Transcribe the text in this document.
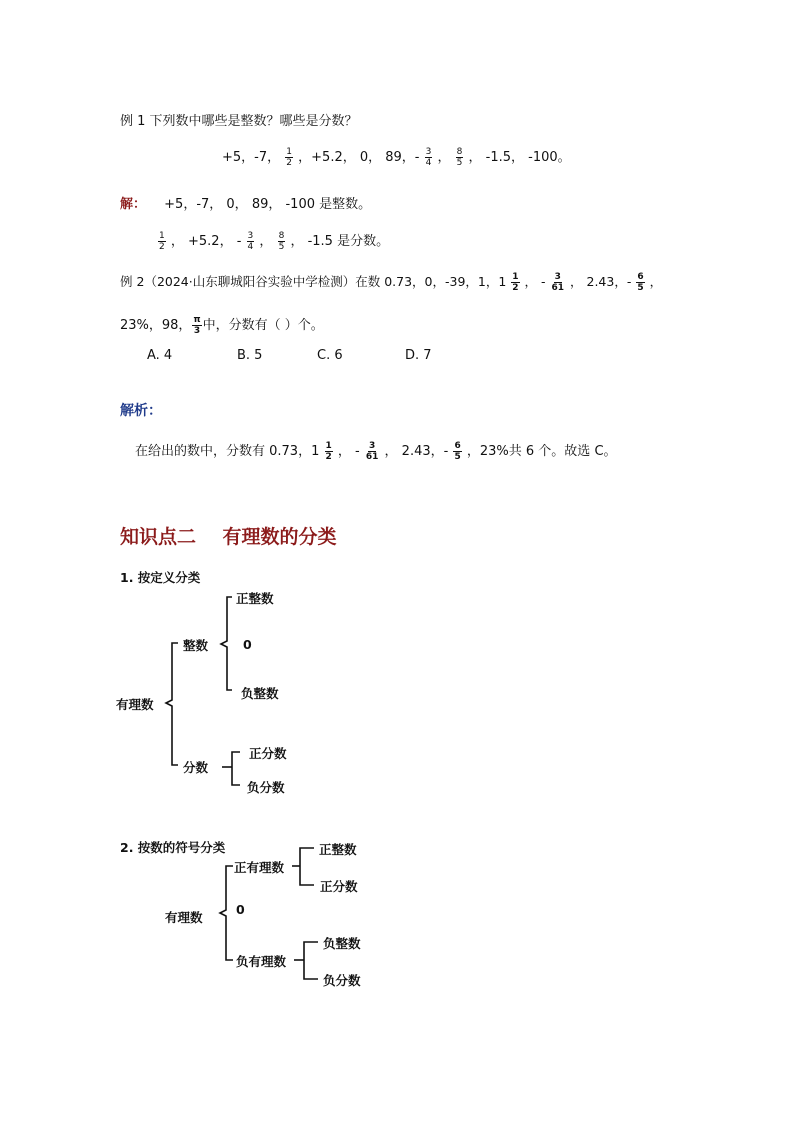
例 1 下列数中哪些是整数？哪些是分数？
+5，-7， $\frac{1}{2}$ ，+5.2， 0， 89，- $\frac{3}{4}$ ， $\frac{8}{5}$ ， -1.5， -100。
解： +5，-7， 0， 89， -100 是整数。
$\frac{1}{2}$ ， +5.2， - $\frac{3}{4}$ ， $\frac{8}{5}$ ， -1.5 是分数。
例 2（2024·山东聊城阳谷实验中学检测）在数 0.73，0，-39，1，$1 \frac{1}{2}$ ， - $\frac{3}{61}$ ， 2.43，- $\frac{6}{5}$ ，
23%，98， $\frac{\pi}{3}$ 中，分数有（ ）个。
A. 4	B. 5	C. 6	D. 7
解析：
在给出的数中，分数有 0.73，$1 \frac{1}{2}$ ， - $\frac{3}{61}$ ， 2.43，- $\frac{6}{5}$ ，23%共 6 个。故选 C。
知识点二    有理数的分类
1. 按定义分类
有理数
整数
正整数
0
负整数
分数
正分数
负分数
2. 按数的符号分类
有理数
正有理数
正整数
正分数
0
负有理数
负整数
负分数
